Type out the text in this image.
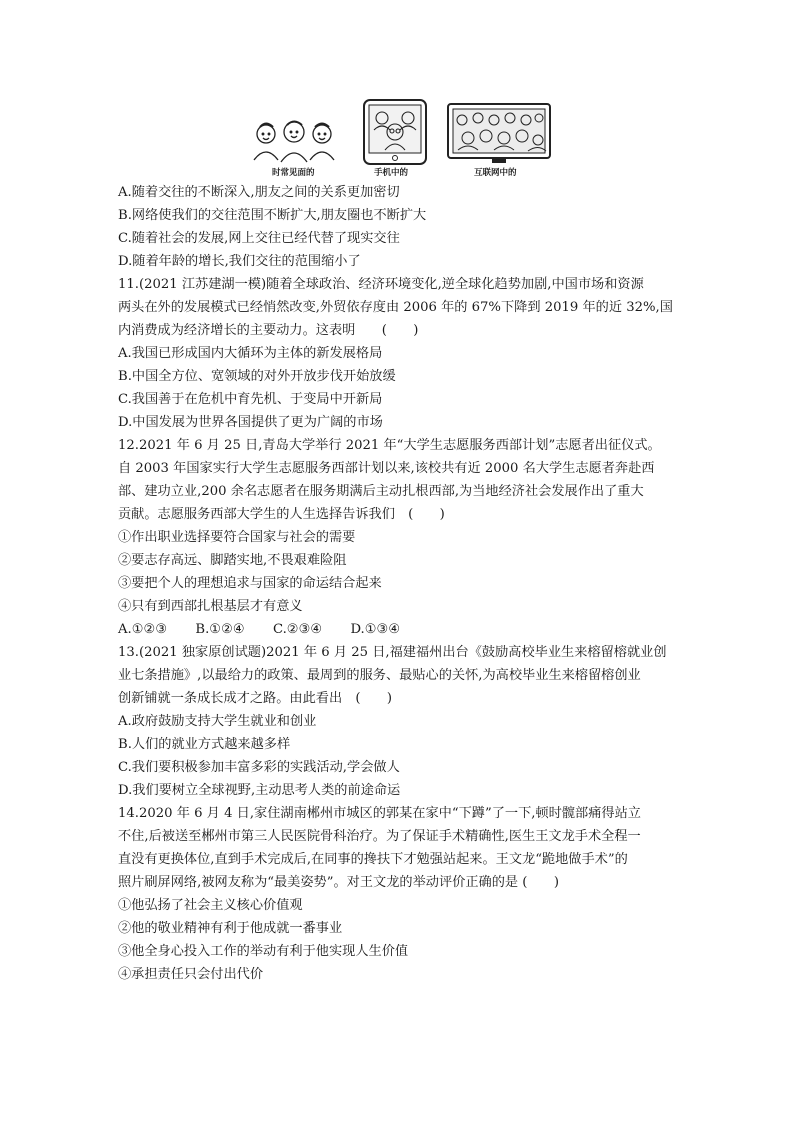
时常见面的	手机中的	互联网中的
A.随着交往的不断深入,朋友之间的关系更加密切
B.网络使我们的交往范围不断扩大,朋友圈也不断扩大
C.随着社会的发展,网上交往已经代替了现实交往
D.随着年龄的增长,我们交往的范围缩小了
11.(2021 江苏建湖一模)随着全球政治、经济环境变化,逆全球化趋势加剧,中国市场和资源
两头在外的发展模式已经悄然改变,外贸依存度由 2006 年的 67%下降到 2019 年的近 32%,国
内消费成为经济增长的主要动力。这表明　　(　　)
A.我国已形成国内大循环为主体的新发展格局
B.中国全方位、宽领域的对外开放步伐开始放缓
C.我国善于在危机中育先机、于变局中开新局
D.中国发展为世界各国提供了更为广阔的市场
12.2021 年 6 月 25 日,青岛大学举行 2021 年“大学生志愿服务西部计划”志愿者出征仪式。
自 2003 年国家实行大学生志愿服务西部计划以来,该校共有近 2000 名大学生志愿者奔赴西
部、建功立业,200 余名志愿者在服务期满后主动扎根西部,为当地经济社会发展作出了重大
贡献。志愿服务西部大学生的人生选择告诉我们　(　　)
①作出职业选择要符合国家与社会的需要
②要志存高远、脚踏实地,不畏艰难险阻
③要把个人的理想追求与国家的命运结合起来
④只有到西部扎根基层才有意义
A.①②③ B.①②④ C.②③④ D.①③④
13.(2021 独家原创试题)2021 年 6 月 25 日,福建福州出台《鼓励高校毕业生来榕留榕就业创
业七条措施》,以最给力的政策、最周到的服务、最贴心的关怀,为高校毕业生来榕留榕创业
创新铺就一条成长成才之路。由此看出　(　　)
A.政府鼓励支持大学生就业和创业
B.人们的就业方式越来越多样
C.我们要积极参加丰富多彩的实践活动,学会做人
D.我们要树立全球视野,主动思考人类的前途命运
14.2020 年 6 月 4 日,家住湖南郴州市城区的郭某在家中“下蹲”了一下,顿时髋部痛得站立
不住,后被送至郴州市第三人民医院骨科治疗。为了保证手术精确性,医生王文龙手术全程一
直没有更换体位,直到手术完成后,在同事的搀扶下才勉强站起来。王文龙“跪地做手术”的
照片刷屏网络,被网友称为“最美姿势”。对王文龙的举动评价正确的是 (　　)
①他弘扬了社会主义核心价值观
②他的敬业精神有利于他成就一番事业
③他全身心投入工作的举动有利于他实现人生价值
④承担责任只会付出代价
